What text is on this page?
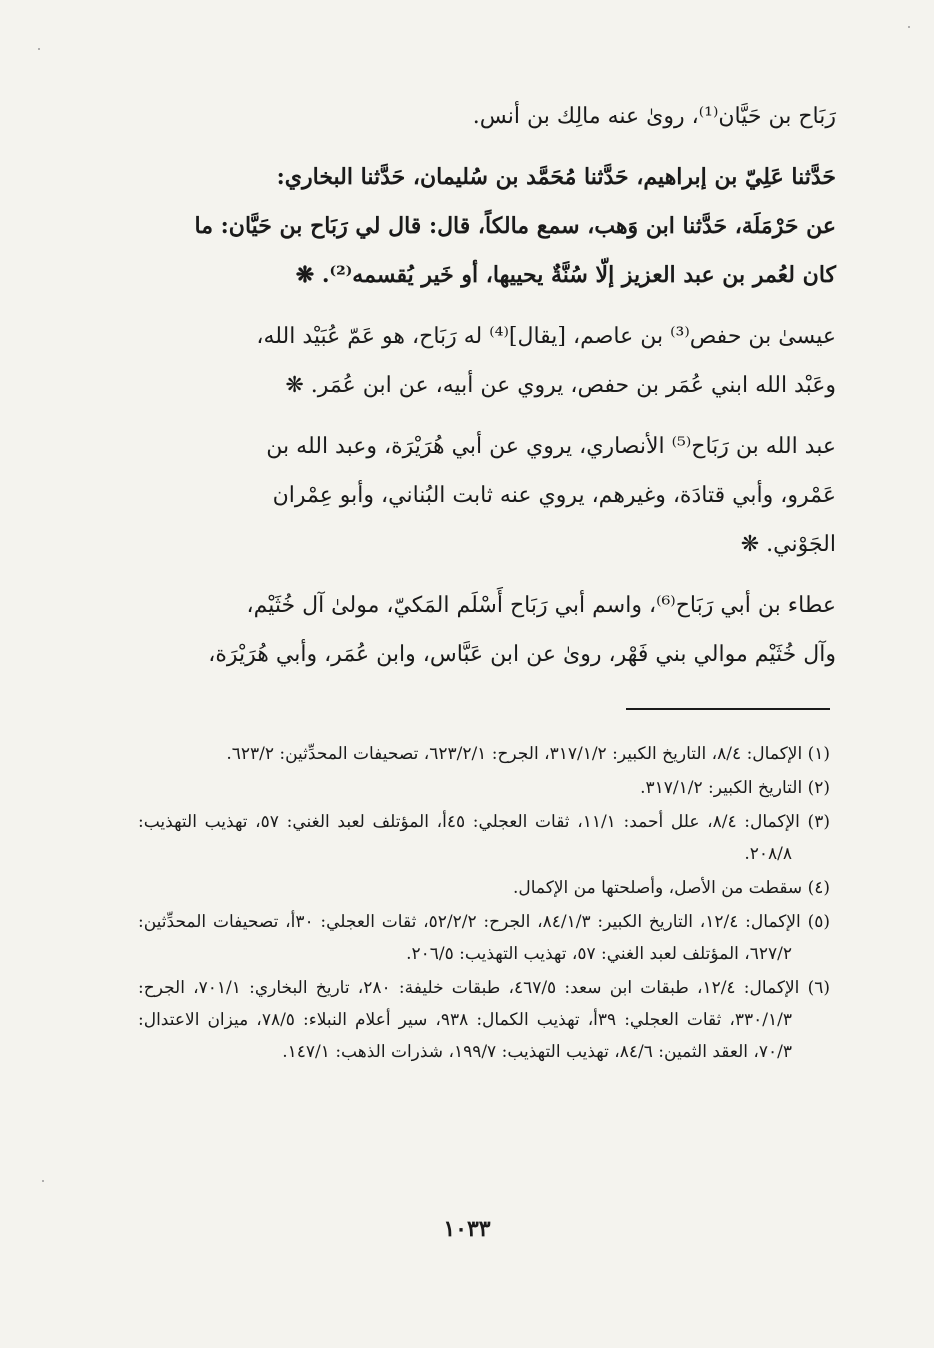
رَبَاح بن حَيَّان⁽¹⁾، روىٰ عنه مالِك بن أنس.

حَدَّثنا عَلِيّ بن إبراهيم، حَدَّثنا مُحَمَّد بن سُليمان، حَدَّثنا البخاري:

عن حَرْمَلَة، حَدَّثنا ابن وَهب، سمع مالكاً، قال: قال لي رَبَاح بن حَيَّان: ما

كان لعُمر بن عبد العزيز إلّا سُنَّةٌ يحييها، أو خَير يُقسمه⁽²⁾. ❋

عيسىٰ بن حفص⁽³⁾ بن عاصم، [يقال]⁽⁴⁾ له رَبَاح، هو عَمّ عُبَيْد الله،

وعَبْد الله ابني عُمَر بن حفص، يروي عن أبيه، عن ابن عُمَر. ❋

عبد الله بن رَبَاح⁽⁵⁾ الأنصاري، يروي عن أبي هُرَيْرَة، وعبد الله بن

عَمْرو، وأبي قتادَة، وغيرهم، يروي عنه ثابت البُناني، وأبو عِمْران

الجَوْني. ❋

عطاء بن أبي رَبَاح⁽⁶⁾، واسم أبي رَبَاح أَسْلَم المَكيّ، مولىٰ آل خُثَيْم،

وآل خُثَيْم موالي بني فَهْر، روىٰ عن ابن عَبَّاس، وابن عُمَر، وأبي هُرَيْرَة،

(١) الإكمال: ٨/٤، التاريخ الكبير: ٣١٧/١/٢، الجرح: ٦٢٣/٢/١، تصحيفات المحدِّثين: ٦٢٣/٢.

(٢) التاريخ الكبير: ٣١٧/١/٢.

(٣) الإكمال: ٨/٤، علل أحمد: ١١/١، ثقات العجلي: ٤٥أ، المؤتلف لعبد الغني: ٥٧، تهذيب التهذيب: ٢٠٨/٨.

(٤) سقطت من الأصل، وأصلحتها من الإكمال.

(٥) الإكمال: ١٢/٤، التاريخ الكبير: ٨٤/١/٣، الجرح: ٥٢/٢/٢، ثقات العجلي: ٣٠أ، تصحيفات المحدِّثين: ٦٢٧/٢، المؤتلف لعبد الغني: ٥٧، تهذيب التهذيب: ٢٠٦/٥.

(٦) الإكمال: ١٢/٤، طبقات ابن سعد: ٤٦٧/٥، طبقات خليفة: ٢٨٠، تاريخ البخاري: ٧٠١/١، الجرح: ٣٣٠/١/٣، ثقات العجلي: ٣٩أ، تهذيب الكمال: ٩٣٨، سير أعلام النبلاء: ٧٨/٥، ميزان الاعتدال: ٧٠/٣، العقد الثمين: ٨٤/٦، تهذيب التهذيب: ١٩٩/٧، شذرات الذهب: ١٤٧/١.

١٠٣٣
